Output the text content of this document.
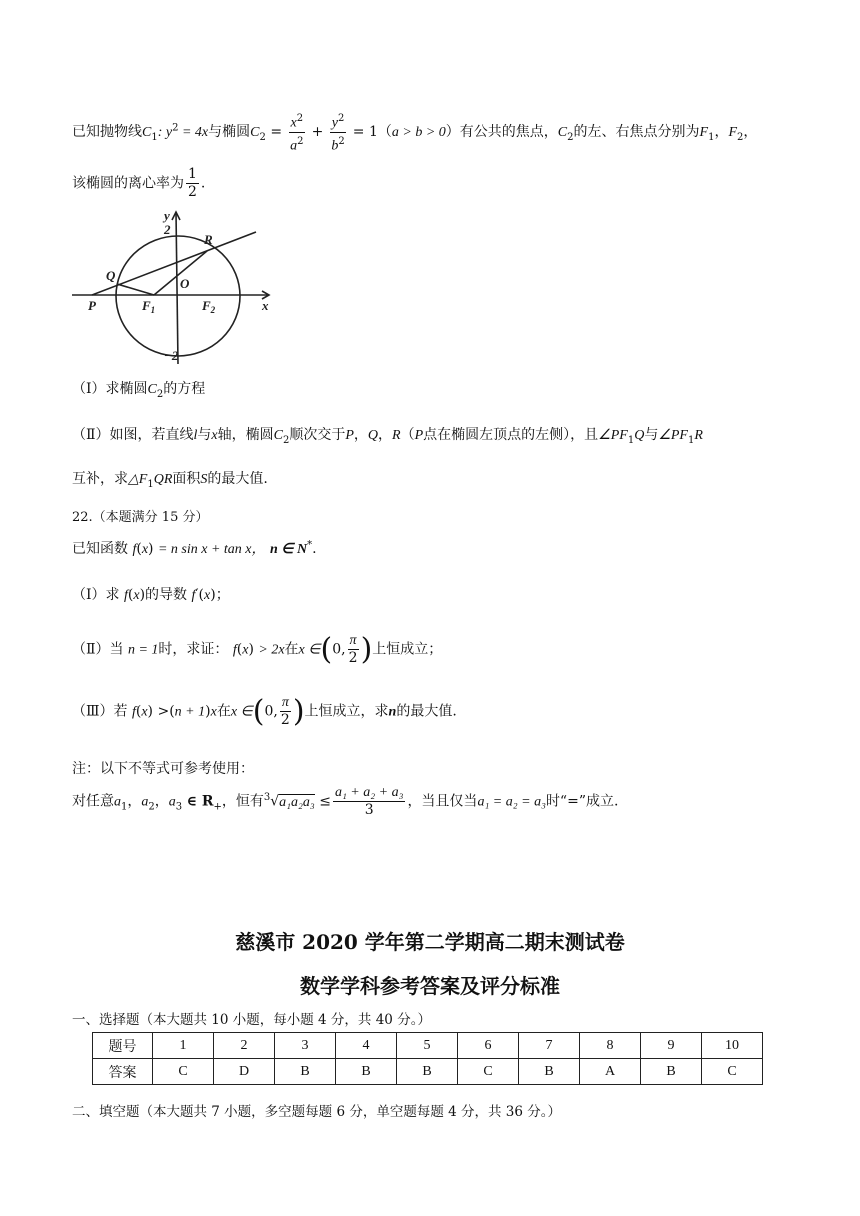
已知抛物线$C_1$: $y^2 = 4x$与椭圆$C_2 = \frac{x^2}{a^2} + \frac{y^2}{b^2} = 1(a > b > 0)$有公共的焦点，$C_2$的左、右焦点分别为$F_1$，$F_2$，
该椭圆的离心率为 $\frac{1}{2}$ .
y
2
−2
R
Q
O
P	$F_1$	$F_2$	x
（Ⅰ）求椭圆$C_2$的方程
（Ⅱ）如图，若直线l与x轴，椭圆$C_2$顺次交于P，Q，R（P点在椭圆左顶点的左侧），且$\angle PF_1Q$与$\angle PF_1R$
互补，求$\triangle F_1QR$面积S的最大值.
22.（本题满分 15 分）
已知函数 f(x) = n sin x + tan x， n ∈ N*.
（Ⅰ）求 f(x)的导数 f′(x)；
（Ⅱ）当 n = 1时，求证： f(x) > 2x在x ∈(0, $\frac{\pi}{2}$ )上恒成立；
（Ⅲ）若 f(x) >(n + 1)x在x ∈(0, $\frac{\pi}{2}$ )上恒成立，求n的最大值.
注：以下不等式可参考使用：
对任意$a_1$，$a_2$，$a_3$ ∈ $R_+$，恒有$^3√a_1a_2a_3 \le \frac{\text{a₁ + a₂ + a₃}}{3}$ ，当且仅当a₁ = a₂ = a₃时“=”成立.
慈溪市 2020 学年第二学期高二期末测试卷
数学学科参考答案及评分标准
一、选择题（本大题共 10 小题，每小题 4 分，共 40 分。）
题号	1	2	3	4	5	6	7	8	9	10
答案	C	D	B	B	B	C	B	A	B	C
二、填空题（本大题共 7 小题，多空题每题 6 分，单空题每题 4 分，共 36 分。）
